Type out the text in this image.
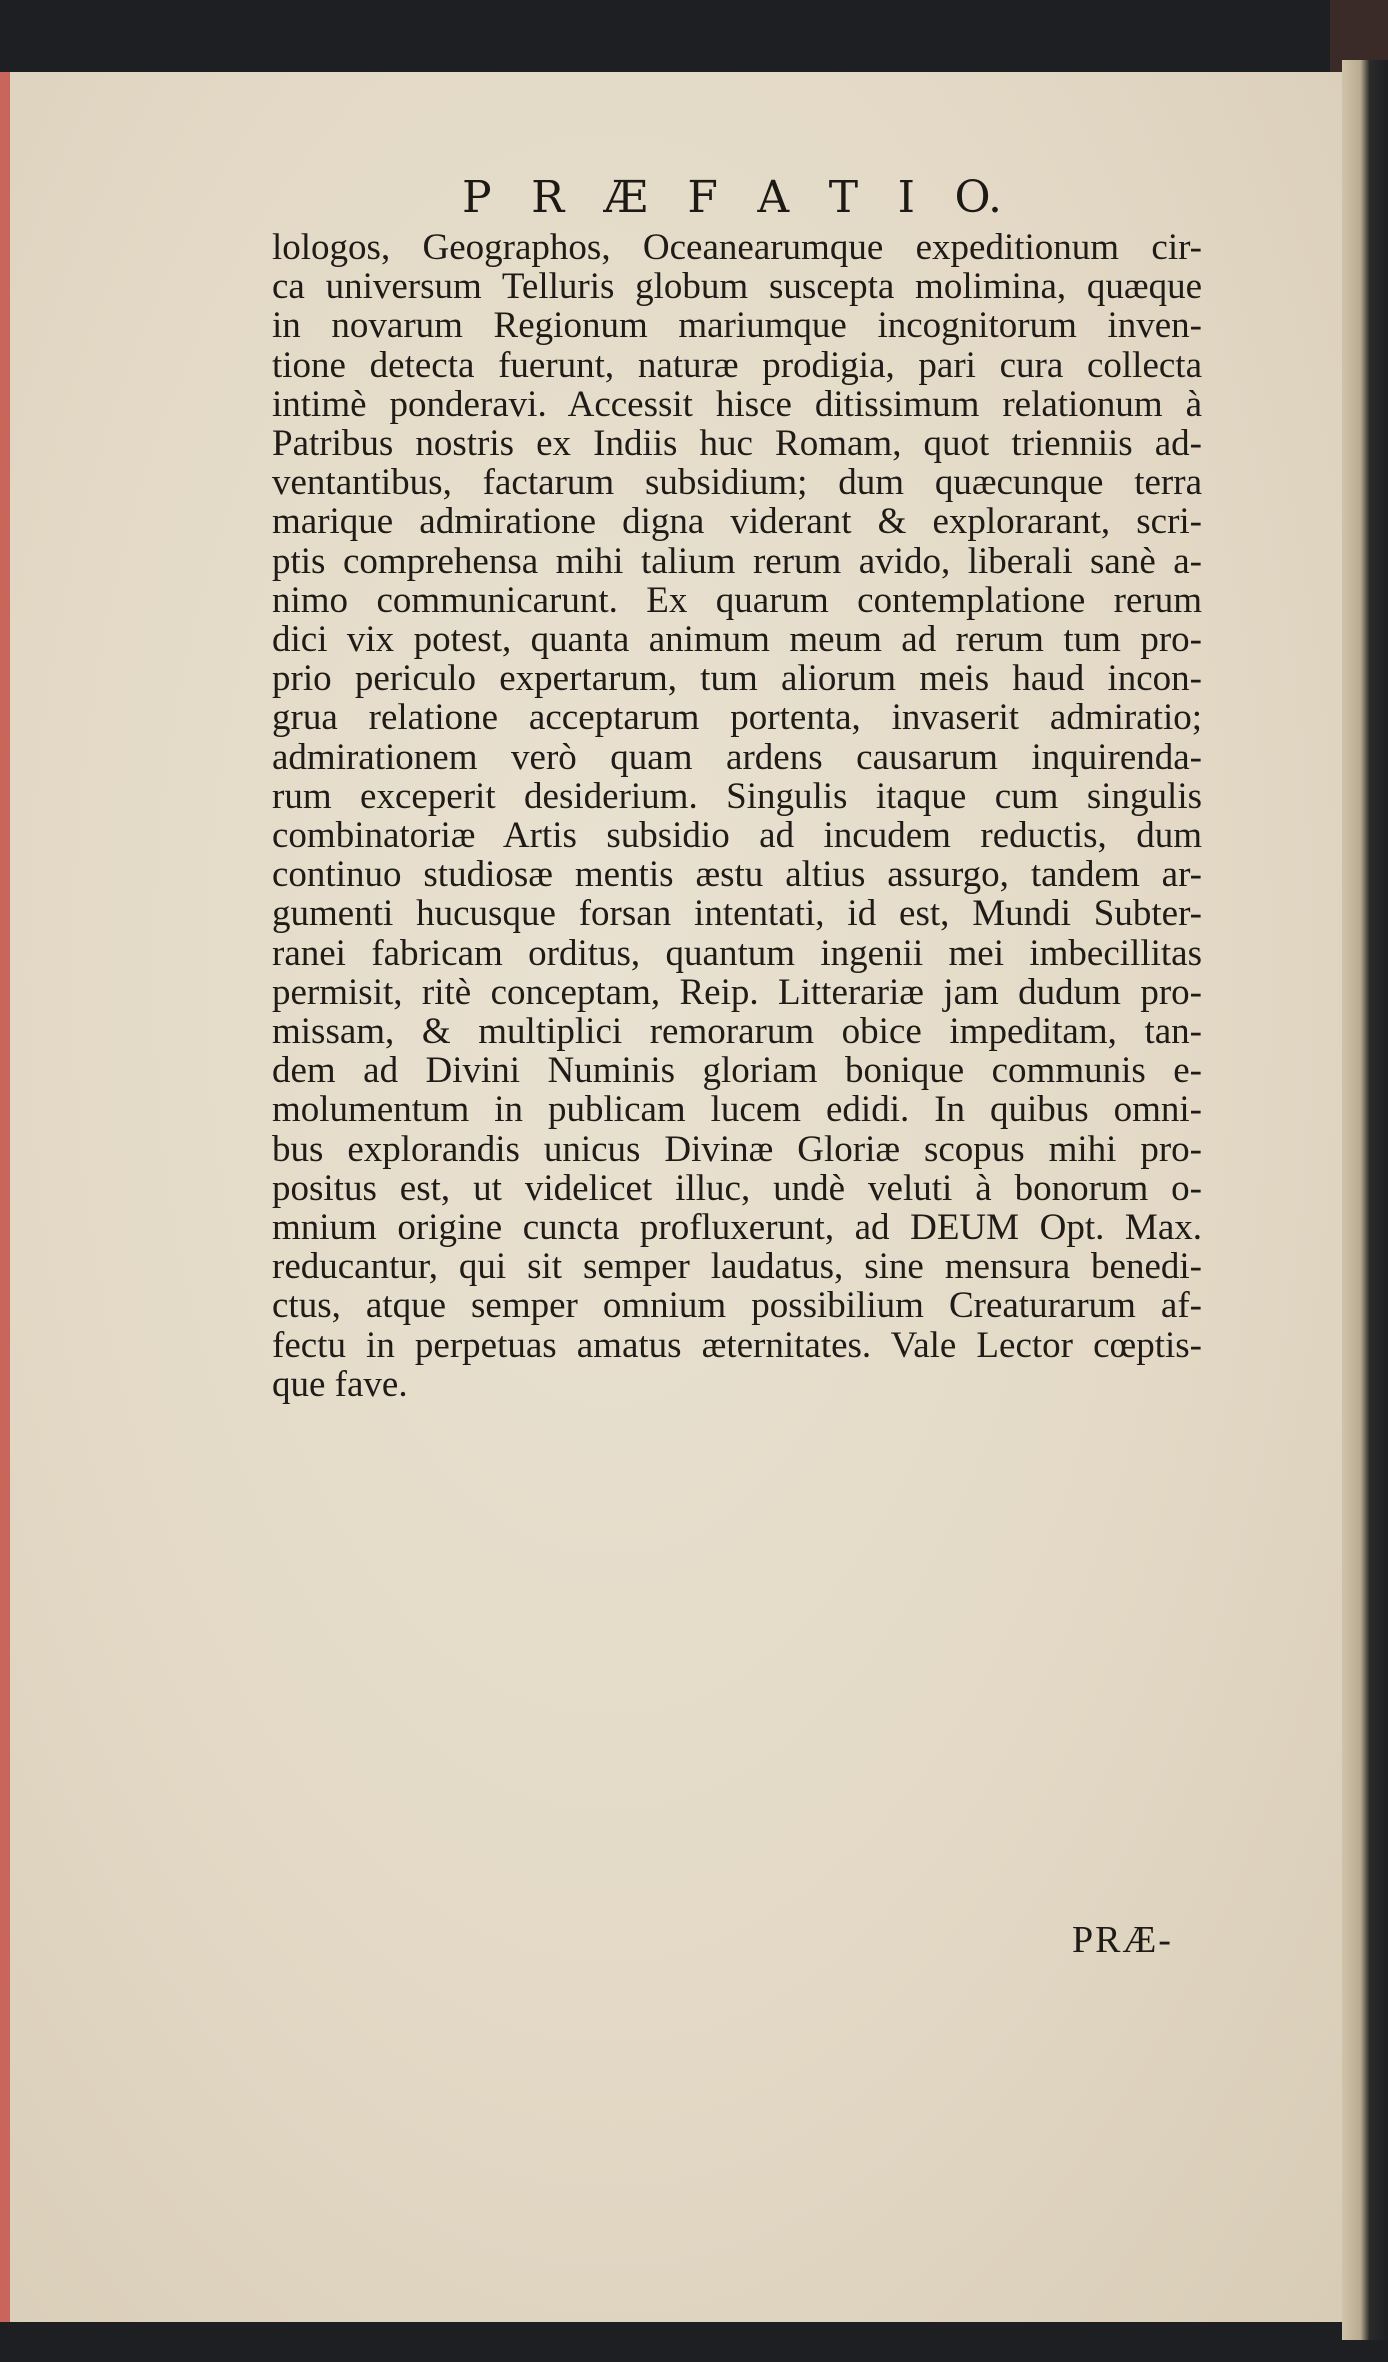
P R Æ F A T I O.
lologos, Geographos, Oceanearumque expeditionum cir-
ca universum Telluris globum suscepta molimina, quæque
in novarum Regionum mariumque incognitorum inven-
tione detecta fuerunt, naturæ prodigia, pari cura collecta
intimè ponderavi. Accessit hisce ditissimum relationum à
Patribus nostris ex Indiis huc Romam, quot trienniis ad-
ventantibus, factarum subsidium; dum quæcunque terra
marique admiratione digna viderant & explorarant, scri-
ptis comprehensa mihi talium rerum avido, liberali sanè a-
nimo communicarunt. Ex quarum contemplatione rerum
dici vix potest, quanta animum meum ad rerum tum pro-
prio periculo expertarum, tum aliorum meis haud incon-
grua relatione acceptarum portenta, invaserit admiratio;
admirationem verò quam ardens causarum inquirenda-
rum exceperit desiderium. Singulis itaque cum singulis
combinatoriæ Artis subsidio ad incudem reductis, dum
continuo studiosæ mentis æstu altius assurgo, tandem ar-
gumenti hucusque forsan intentati, id est, Mundi Subter-
ranei fabricam orditus, quantum ingenii mei imbecillitas
permisit, ritè conceptam, Reip. Litterariæ jam dudum pro-
missam, & multiplici remorarum obice impeditam, tan-
dem ad Divini Numinis gloriam bonique communis e-
molumentum in publicam lucem edidi. In quibus omni-
bus explorandis unicus Divinæ Gloriæ scopus mihi pro-
positus est, ut videlicet illuc, undè veluti à bonorum o-
mnium origine cuncta profluxerunt, ad DEUM Opt. Max.
reducantur, qui sit semper laudatus, sine mensura benedi-
ctus, atque semper omnium possibilium Creaturarum af-
fectu in perpetuas amatus æternitates. Vale Lector cœptis-
que fave.
PRÆ-
